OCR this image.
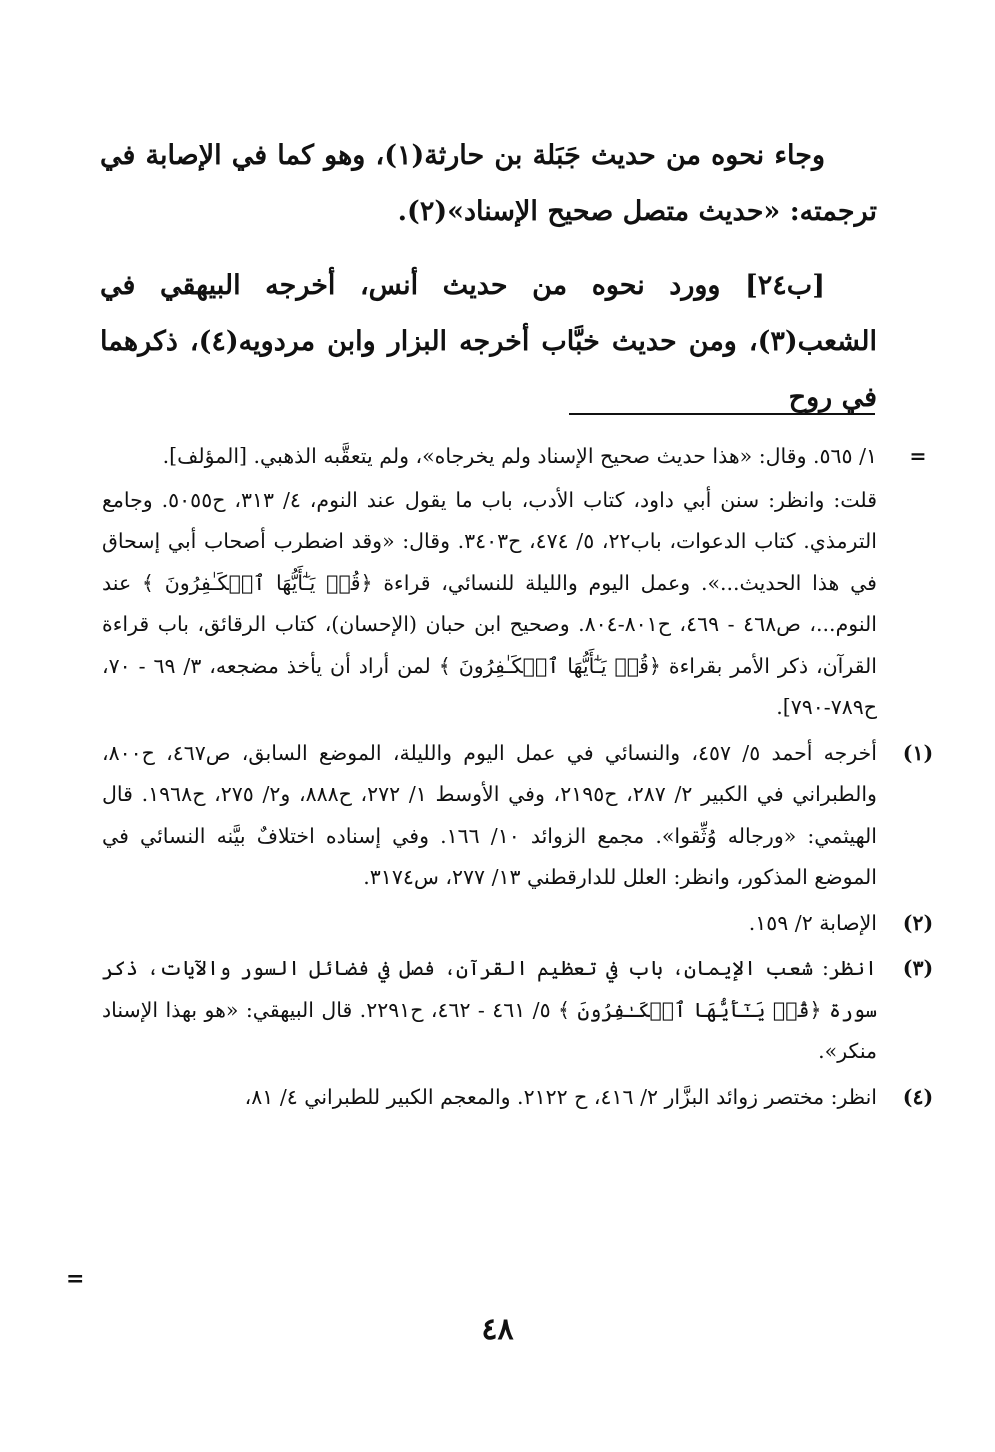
وجاء نحوه من حديث جَبَلة بن حارثة(١)، وهو كما في الإصابة في ترجمته: «حديث متصل صحيح الإسناد»(٢).

[ب٢٤] وورد نحوه من حديث أنس، أخرجه البيهقي في الشعب(٣)، ومن حديث خبَّاب أخرجه البزار وابن مردويه(٤)، ذكرهما في روح

=

١/ ٥٦٥. وقال: «هذا حديث صحيح الإسناد ولم يخرجاه»، ولم يتعقَّبه الذهبي. [المؤلف].

قلت: وانظر: سنن أبي داود، كتاب الأدب، باب ما يقول عند النوم، ٤/ ٣١٣، ح٥٠٥٥. وجامع الترمذي. كتاب الدعوات، باب٢٢، ٥/ ٤٧٤، ح٣٤٠٣. وقال: «وقد اضطرب أصحاب أبي إسحاق في هذا الحديث...». وعمل اليوم والليلة للنسائي، قراءة ﴿قُلۡ يَـٰٓأَيُّهَا ٱلۡكَـٰفِرُونَ ﴾ عند النوم...، ص٤٦٨ - ٤٦٩، ح٨٠١-٨٠٤. وصحيح ابن حبان (الإحسان)، كتاب الرقائق، باب قراءة القرآن، ذكر الأمر بقراءة ﴿قُلۡ يَـٰٓأَيُّهَا ٱلۡكَـٰفِرُونَ ﴾ لمن أراد أن يأخذ مضجعه، ٣/ ٦٩ - ٧٠، ح٧٨٩-٧٩٠].

(١)

أخرجه أحمد ٥/ ٤٥٧، والنسائي في عمل اليوم والليلة، الموضع السابق، ص٤٦٧، ح٨٠٠، والطبراني في الكبير ٢/ ٢٨٧، ح٢١٩٥، وفي الأوسط ١/ ٢٧٢، ح٨٨٨، و٢/ ٢٧٥، ح١٩٦٨. قال الهيثمي: «ورجاله وُثِّقوا». مجمع الزوائد ١٠/ ١٦٦. وفي إسناده اختلافٌ بيَّنه النسائي في الموضع المذكور، وانظر: العلل للدارقطني ١٣/ ٢٧٧، س٣١٧٤.

(٢)

الإصابة ٢/ ١٥٩.

(٣)

انظر: شعب الإيمان، باب في تعظيم القرآن، فصل في فضائل السور والآيات، ذكر سورة ﴿قُلۡ يَـٰٓأَيُّهَا ٱلۡكَـٰفِرُونَ ﴾ ٥/ ٤٦١ - ٤٦٢، ح٢٢٩١. قال البيهقي: «هو بهذا الإسناد منكر».

(٤)

انظر: مختصر زوائد البزَّار ٢/ ٤١٦، ح ٢١٢٢. والمعجم الكبير للطبراني ٤/ ٨١،

=
٤٨
